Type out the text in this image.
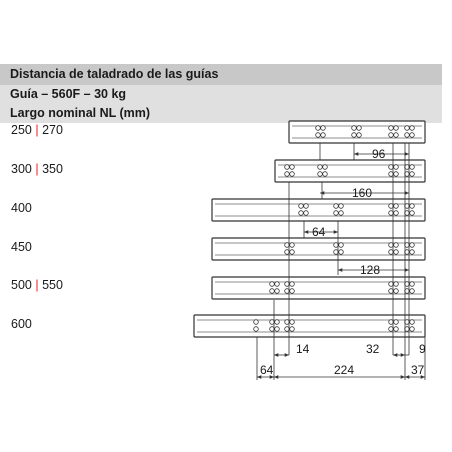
Distancia de taladrado de las guías
Guía – 560F – 30 kg
Largo nominal NL (mm)
250 | 270
300 | 350
400
450
500 | 550
600
96
160
64
128
14	32	9
64	224	37
